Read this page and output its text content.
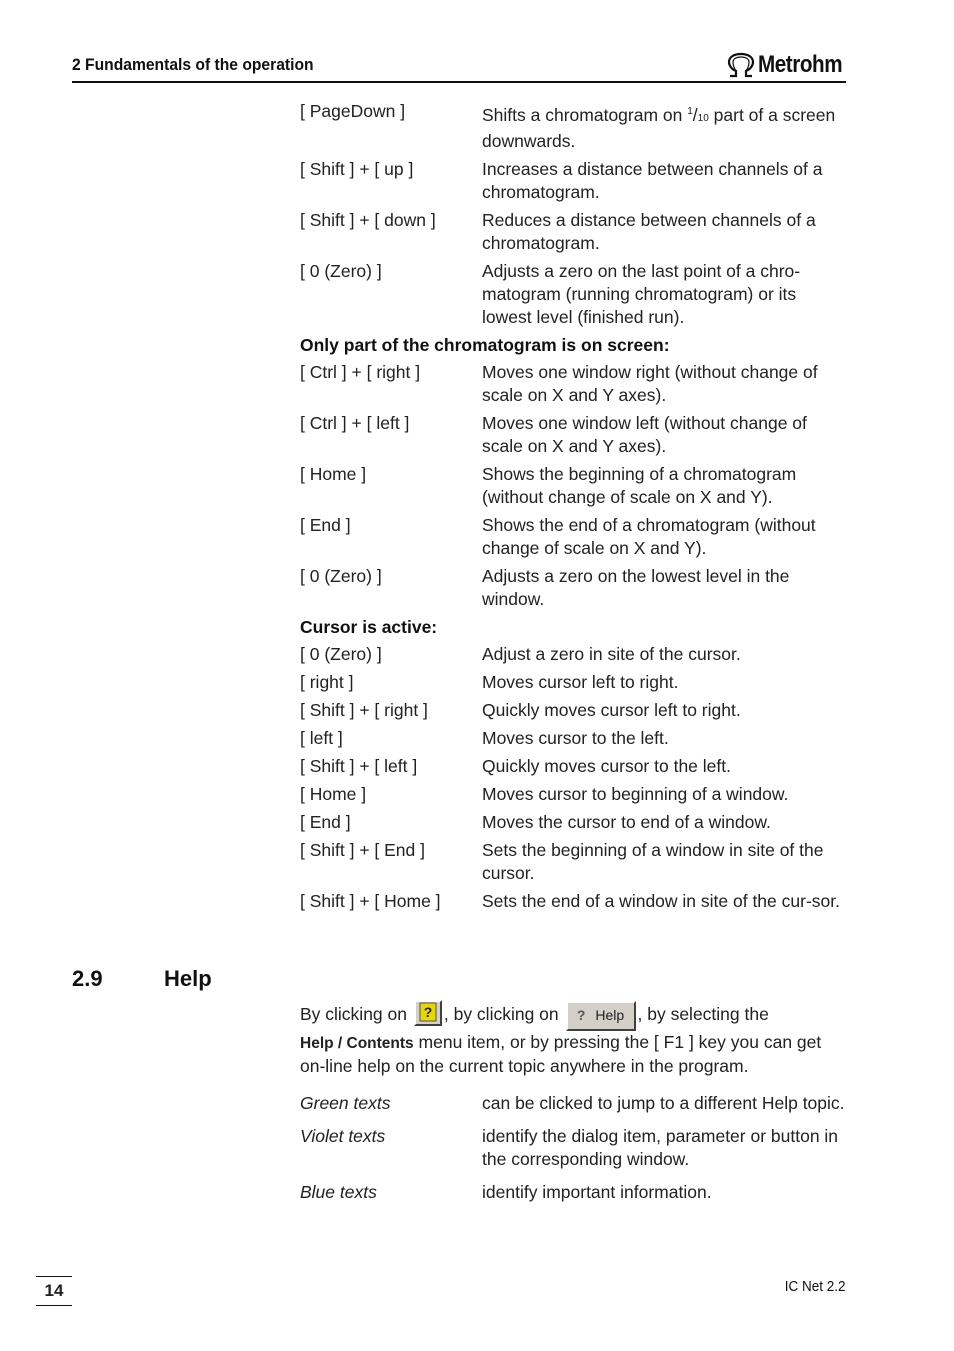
2 Fundamentals of the operation	Metrohm
[ PageDown ]	Shifts a chromatogram on $^1$/10 part of a screen downwards.
[ Shift ] + [ up ]	Increases a distance between channels of a chromatogram.
[ Shift ] + [ down ]	Reduces a distance between channels of a chromatogram.
[ 0 (Zero) ]	Adjusts a zero on the last point of a chro-matogram (running chromatogram) or its lowest level (finished run).
Only part of the chromatogram is on screen:
[ Ctrl ] + [ right ]	Moves one window right (without change of scale on X and Y axes).
[ Ctrl ] + [ left ]	Moves one window left (without change of scale on X and Y axes).
[ Home ]	Shows the beginning of a chromatogram (without change of scale on X and Y).
[ End ]	Shows the end of a chromatogram (without change of scale on X and Y).
[ 0 (Zero) ]	Adjusts a zero on the lowest level in the window.
Cursor is active:
[ 0 (Zero) ]	Adjust a zero in site of the cursor.
[ right ]	Moves cursor left to right.
[ Shift ] + [ right ]	Quickly moves cursor left to right.
[ left ]	Moves cursor to the left.
[ Shift ] + [ left ]	Quickly moves cursor to the left.
[ Home ]	Moves cursor to beginning of a window.
[ End ]	Moves the cursor to end of a window.
[ Shift ] + [ End ]	Sets the beginning of a window in site of the cursor.
[ Shift ] + [ Home ]	Sets the end of a window in site of the cur-sor.
2.9	Help
By clicking on ? , by clicking on ? Help , by selecting the
Help / Contents menu item, or by pressing the [ F1 ] key you can get on-line help on the current topic anywhere in the program.
Green texts	can be clicked to jump to a different Help topic.
Violet texts	identify the dialog item, parameter or button in the corresponding window.
Blue texts	identify important information.
14	IC Net 2.2
